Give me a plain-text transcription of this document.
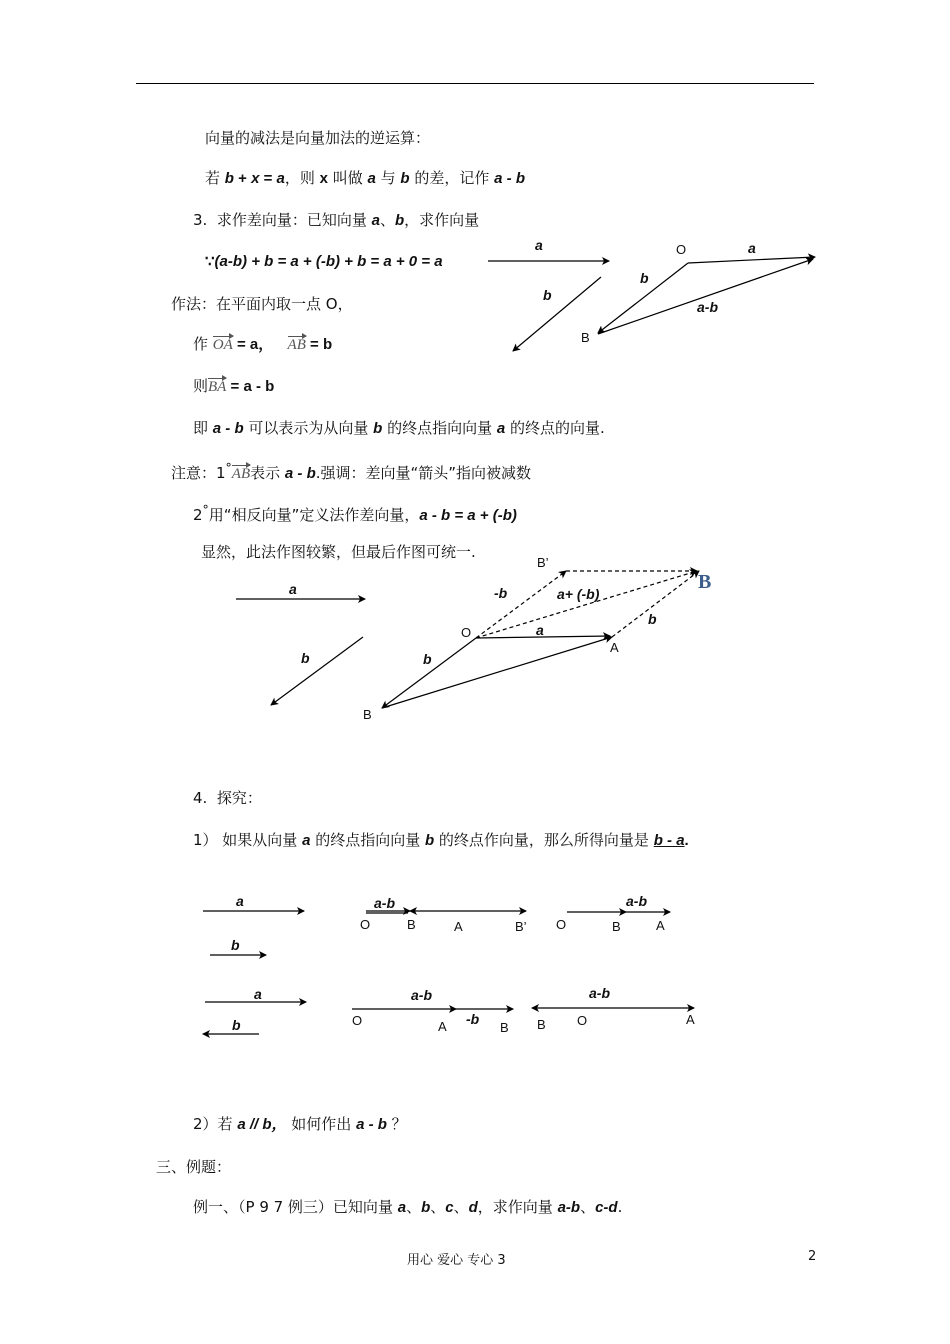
向量的减法是向量加法的逆运算：
若 b + x = a，则 x 叫做 a 与 b 的差，记作 a - b
3. 求作差向量：已知向量 a、b，求作向量
∵(a-b) + b = a + (-b) + b = a + 0 = a
作法：在平面内取一点 O，
作 OA = a， AB = b
则BA = a - b
即 a - b 可以表示为从向量 b 的终点指向向量 a 的终点的向量.
注意：1°AB表示 a - b.强调：差向量“箭头”指向被减数
2°用“相反向量”定义法作差向量，a - b = a + (-b)
显然，此法作图较繁，但最后作图可统一.
4. 探究：
1） 如果从向量 a 的终点指向向量 b 的终点作向量，那么所得向量是 b - a.
2）若 a // b， 如何作出 a - b ？
三、例题：
例一、（P 9 7 例三）已知向量 a、b、c、d，求作向量 a-b、c-d.
a
b
O	a
b
a-b
B
a
b
B’
-b	a+ (-b)
B
O	a
b
b
A
B
a
b
a-b
O	B	A	B’
a-b
O	B	A
a
b
a-b
O	A -b
B
a-b
B O	A
用心 爱心 专心 3	2
